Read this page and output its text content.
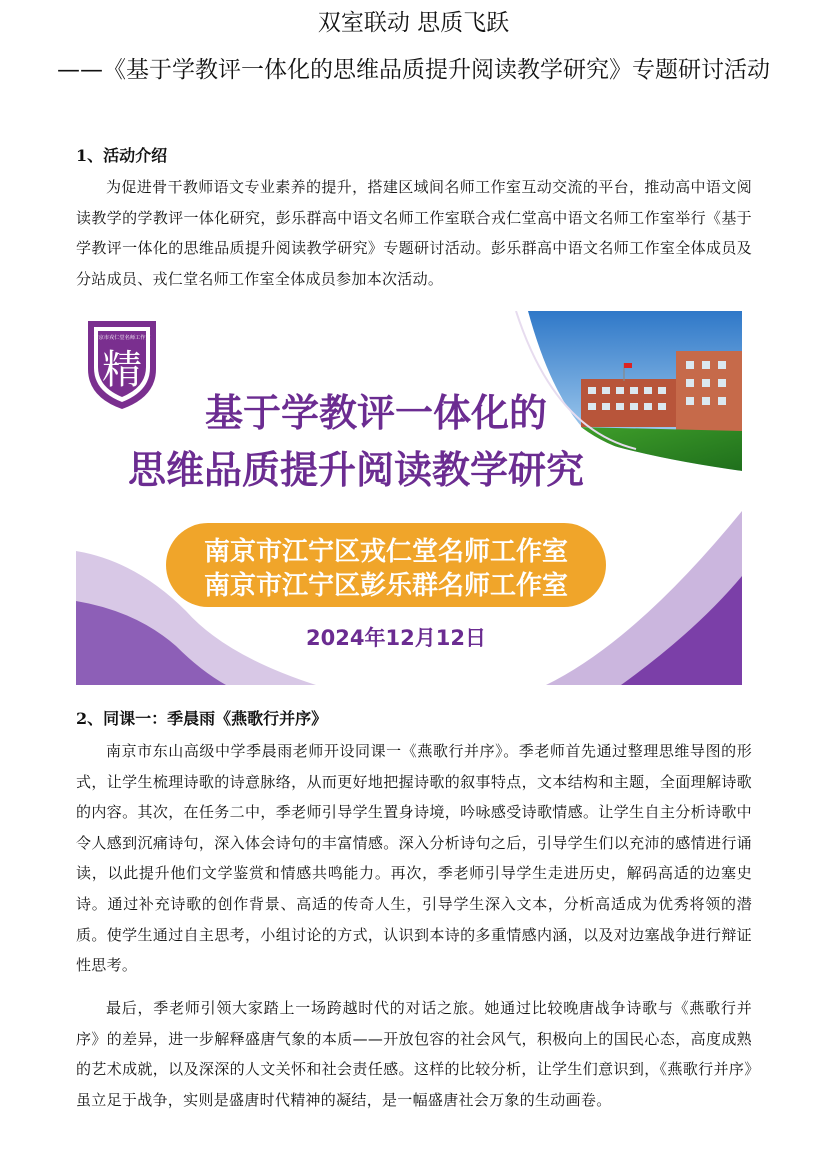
双室联动 思质飞跃
——《基于学教评一体化的思维品质提升阅读教学研究》专题研讨活动
1、活动介绍
为促进骨干教师语文专业素养的提升，搭建区域间名师工作室互动交流的平台，推动高中语文阅读教学的学教评一体化研究，彭乐群高中语文名师工作室联合戎仁堂高中语文名师工作室举行《基于学教评一体化的思维品质提升阅读教学研究》专题研讨活动。彭乐群高中语文名师工作室全体成员及分站成员、戎仁堂名师工作室全体成员参加本次活动。
精
南京市戎仁堂名师工作室
基于学教评一体化的
思维品质提升阅读教学研究
南京市江宁区戎仁堂名师工作室
南京市江宁区彭乐群名师工作室
2024年12月12日
2、同课一：季晨雨《燕歌行并序》
南京市东山高级中学季晨雨老师开设同课一《燕歌行并序》。季老师首先通过整理思维导图的形式，让学生梳理诗歌的诗意脉络，从而更好地把握诗歌的叙事特点，文本结构和主题，全面理解诗歌的内容。其次，在任务二中，季老师引导学生置身诗境，吟咏感受诗歌情感。让学生自主分析诗歌中令人感到沉痛诗句，深入体会诗句的丰富情感。深入分析诗句之后，引导学生们以充沛的感情进行诵读，以此提升他们文学鉴赏和情感共鸣能力。再次，季老师引导学生走进历史，解码高适的边塞史诗。通过补充诗歌的创作背景、高适的传奇人生，引导学生深入文本，分析高适成为优秀将领的潜质。使学生通过自主思考，小组讨论的方式，认识到本诗的多重情感内涵，以及对边塞战争进行辩证性思考。
最后，季老师引领大家踏上一场跨越时代的对话之旅。她通过比较晚唐战争诗歌与《燕歌行并序》的差异，进一步解释盛唐气象的本质——开放包容的社会风气，积极向上的国民心态，高度成熟的艺术成就，以及深深的人文关怀和社会责任感。这样的比较分析，让学生们意识到，《燕歌行并序》虽立足于战争，实则是盛唐时代精神的凝结，是一幅盛唐社会万象的生动画卷。
